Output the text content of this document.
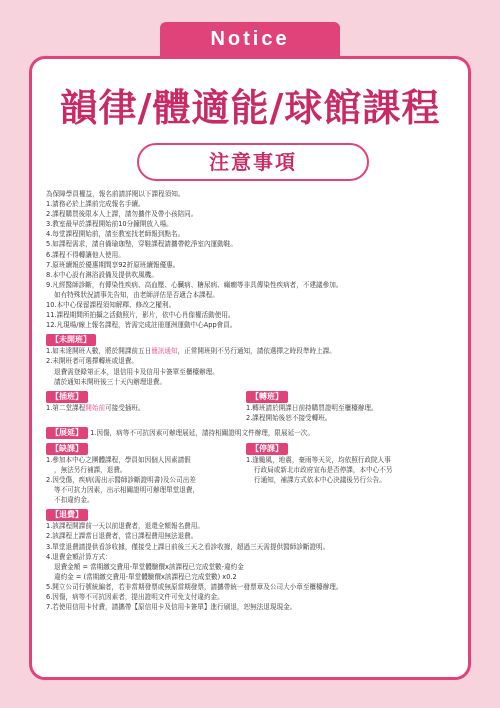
Notice
韻律/體適能/球館課程
注意事項

為保障學員權益，報名前請詳閱以下課程須知。

1.請務必於上課前完成報名手續。

2.課程購買後限本人上課，請勿攜伴及帶小孩陪同。

3.教室最早於課程開始前10分鐘開放入場。

4.每堂課程開始前，請至教室找老師報到點名。

5.如課程需求，請自備瑜珈墊，穿鞋課程請攜帶乾淨室內運動鞋。

6.課程不得轉讓他人使用。

7.原班續報於優惠期間享92折原班續報優惠。

8.本中心設有淋浴設備及提供吹風機。

9.凡經醫師診斷，有傳染性疾病、高血壓、心臟病、糖尿病、癲癇等非具傳染性疾病者，不建議參加。

如有特殊狀況請事先告知，由老師評估是否適合本課程。

10.本中心保留課程須知解釋、修改之權利。

11.課程期間所拍攝之活動照片，影片，依中心肖像權活動使用。

12.凡現場/線上報名課程，皆需完成註冊運洲運動中心App會員。

【未開班】

1.如未達開班人數，將於開課前五日簡訊通知，正常開班則不另行通知，請依選擇之時段準時上課。

2.未開班者可選擇轉班或退費。

退費需登錄第正本，退信用卡及信用卡簽單至櫃檯辦理。

請於通知未開班後三十天內辦理退費。

【插班】

1.第二堂課程開始前可接受插班。

【轉班】

1.轉班請於開課日前持購買證明至櫃檯辦理。

2.課程開始後恕不接受轉班。

【展延】 1.因傷，病等不可抗因素可辦理展延，請持相關證明文件辦理，限展延一次。

【缺課】

1.參加本中心之團體課程，學員如因個人因素請假

，無法另行補課，退費。

2.因受傷，疾病(需出示醫師診斷證明書)及公司出差

等不可抗力因素，出示相關證明可辦理單堂退費，

不扣違約金。

【停課】

1.逢颱風，地震，豪雨等天災，均依照行政院人事

行政局或新北市政府宣布是否停課，本中心不另

行通知，補課方式依本中心決議後另行公告。

【退費】

1.該課程開課前一天以前退費者，退還全額報名費用。

2.該課程上課當日退費者，當日課程費用無法退費。

3.單堂退費請提供看診收據，僅接受上課日前後三天之看診收據，超過三天需提供醫師診斷證明。

4.退費金額計算方式：

退費金額 = 當期繳交費用-單堂體驗價x該課程已完成堂數-違約金

違約金 = (當期繳交費用-單堂體驗價x該課程已完成堂數) x0.2

5.開立公司行號統編者，若非當期發票或無原當期發票，請攜帶統一發票章及公司大小章至櫃檯辦理。

6.因傷，病等不可抗因素者，提出證明文件可免支付違約金。

7.若使用信用卡付費，請攜帶【原信用卡及信用卡簽單】進行刷退，恕無法退現現金。
